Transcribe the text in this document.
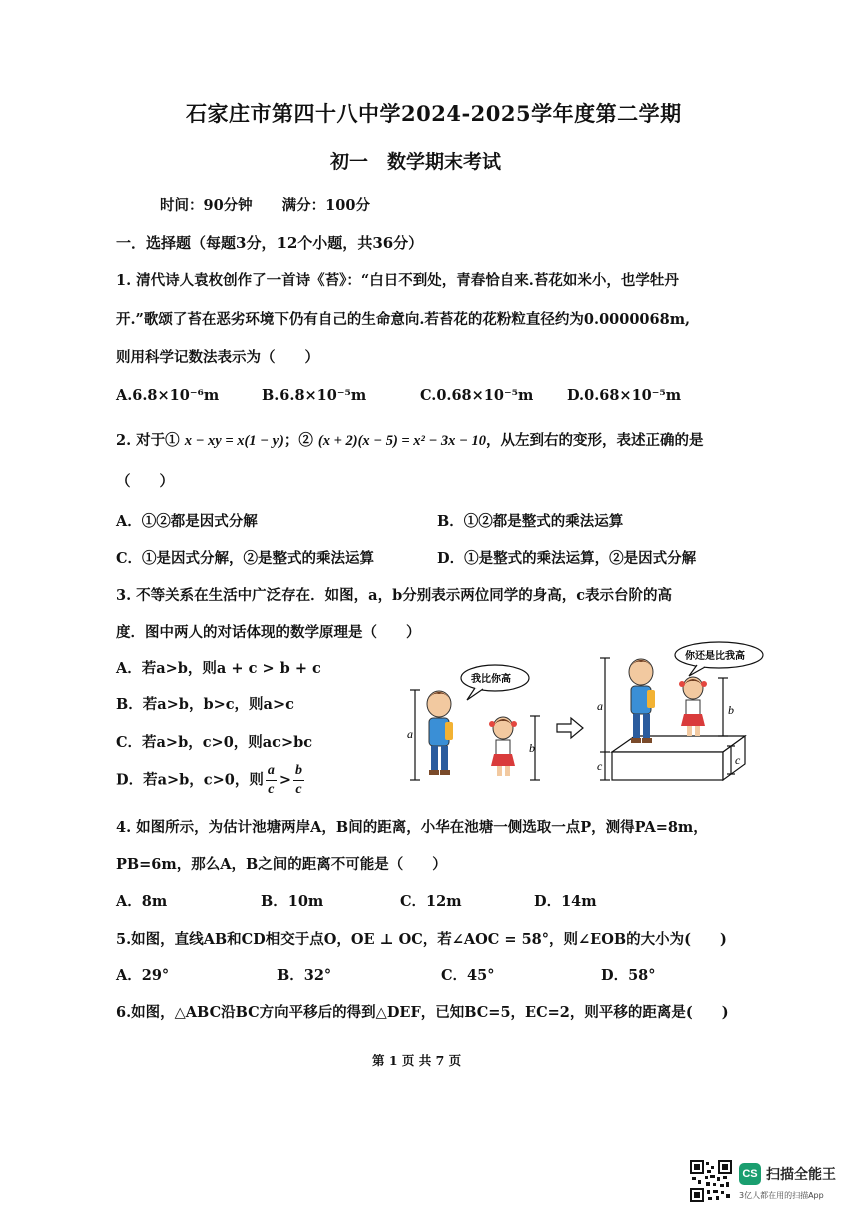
石家庄市第四十八中学2024-2025学年度第二学期
初一　数学期末考试
时间：90分钟　　满分：100分
一．选择题（每题3分，12个小题，共36分）
1. 清代诗人袁枚创作了一首诗《苔》：“白日不到处，青春恰自来.苔花如米小，也学牡丹
开.”歌颂了苔在恶劣环境下仍有自己的生命意向.若苔花的花粉粒直径约为0.0000068m,
则用科学记数法表示为（　　）
A.6.8×10⁻⁶m	B.6.8×10⁻⁵m	C.0.68×10⁻⁵m D.0.68×10⁻⁵m
2. 对于① x − xy = x(1 − y)；② (x + 2)(x − 5) = x² − 3x − 10，从左到右的变形，表述正确的是
（　　）
A．①②都是因式分解	B．①②都是整式的乘法运算
C．①是因式分解，②是整式的乘法运算	D．①是整式的乘法运算，②是因式分解
3. 不等关系在生活中广泛存在．如图，a，b分别表示两位同学的身高，c表示台阶的高
度．图中两人的对话体现的数学原理是（　　）
A．若a>b，则a + c > b + c
B．若a>b，b>c，则a>c
C．若a>b，c>0，则ac>bc
D．若a>b，c>0，则 $\frac{a}{c} > \frac{b}{c}$
a
我比你高
b
a
c
你还是比我高
b
c
4. 如图所示，为估计池塘两岸A，B间的距离，小华在池塘一侧选取一点P，测得PA=8m，
PB=6m，那么A，B之间的距离不可能是（　　）
A．8m	B．10m	C．12m	D．14m
5.如图，直线AB和CD相交于点O，OE ⊥ OC，若∠AOC = 58°，则∠EOB的大小为(　　)
A．29°	B．32°	C．45°	D．58°
6.如图，△ABC沿BC方向平移后的得到△DEF，已知BC=5，EC=2，则平移的距离是(　　)
第 1 页 共 7 页
CS 扫描全能王
3亿人都在用的扫描App
